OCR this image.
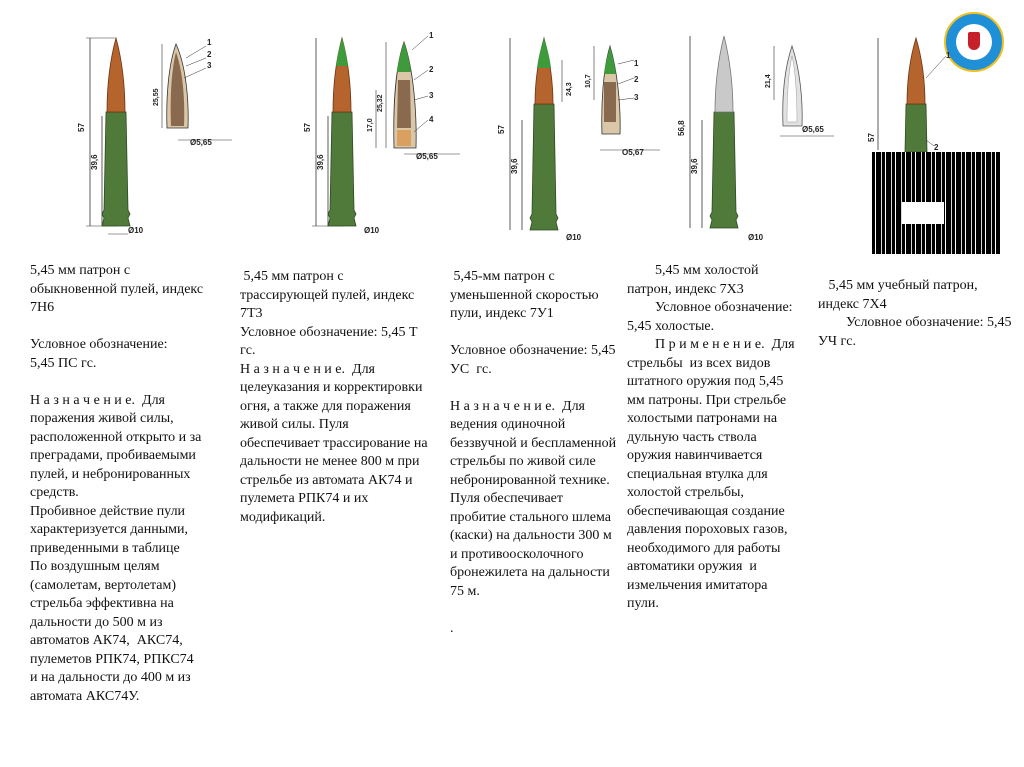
57
39,6
Ø10
25,55
Ø5,65
1
2
3
57
39,6
Ø10
25,32
17,0
Ø5,65
1
2
3
4
57
39,6
Ø10
24,3
10,7
O5,67
1
2
3
56,8
39,6
Ø10
21,4
Ø5,65
57
1
2
5,45 мм патрон с обыкновенной пулей, индекс 7Н6

Условное обозначение:
5,45 ПС гс.

Н а з н а ч е н и е.  Для поражения живой силы, расположенной открыто и за преградами, пробиваемыми пулей, и небронированных средств.
Пробивное действие пули характеризуется данными, приведенными в таблице
По воздушным целям (самолетам, вертолетам) стрельба эффективна на дальности до 500 м из автоматов АК74,  АКС74, пулеметов РПК74, РПКС74
и на дальности до 400 м из автомата АКС74У.
5,45 мм патрон с трассирующей пулей, индекс 7Т3
Условное обозначение: 5,45 Т гс.
Н а з н а ч е н и е.  Для целеуказания и корректировки огня, а также для поражения живой силы. Пуля обеспечивает трассирование на дальности не менее 800 м при стрельбе из автомата АК74 и пулемета РПК74 и их модификаций.
5,45-мм патрон с уменьшенной скоростью пули, индекс 7У1

Условное обозначение: 5,45 УС  гс.

Н а з н а ч е н и е.  Для ведения одиночной беззвучной и беспламенной стрельбы по живой силе небронированной технике. Пуля обеспечивает пробитие стального шлема (каски) на дальности 300 м и противоосколочного бронежилета на дальности 75 м.

.
5,45 мм холостой патрон, индекс 7Х3
Условное обозначение: 5,45 холостые.
П р и м е н е н и е.  Для стрельбы  из всех видов штатного оружия под 5,45 мм патроны. При стрельбе холостыми патронами на дульную часть ствола оружия навинчивается специальная втулка для холостой стрельбы, обеспечивающая создание давления пороховых газов, необходимого для работы автоматики оружия  и измельчения имитатора пули.
5,45 мм учебный патрон, индекс 7Х4
Условное обозначение: 5,45 УЧ гс.
